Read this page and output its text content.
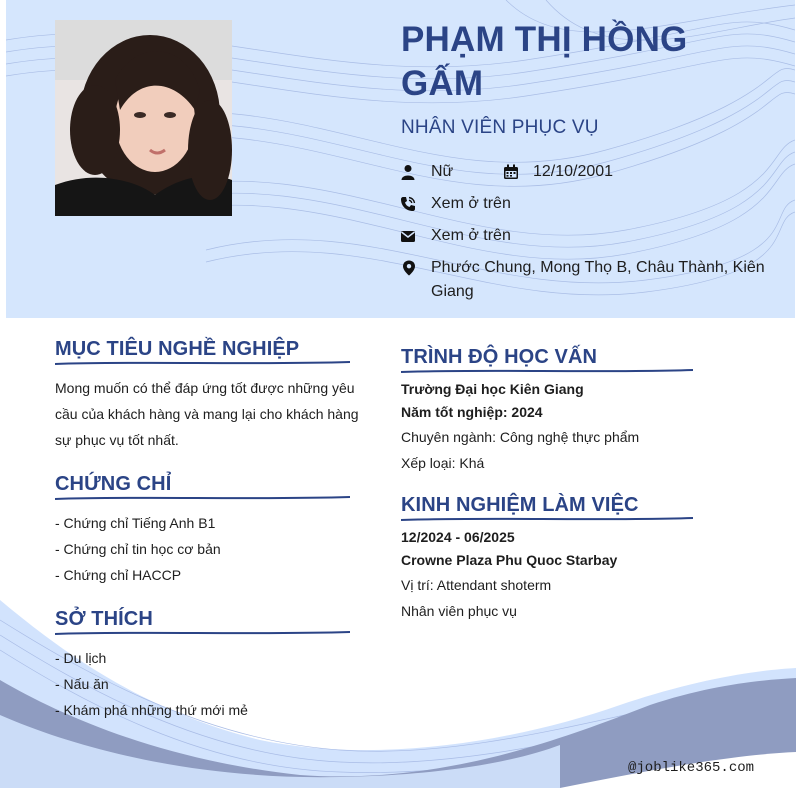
PHẠM THỊ HỒNG GẤM
NHÂN VIÊN PHỤC VỤ
Nữ	12/10/2001
Xem ở trên
Xem ở trên
Phước Chung, Mong Thọ B, Châu Thành, Kiên
Giang
MỤC TIÊU NGHỀ NGHIỆP
Mong muốn có thể đáp ứng tốt được những yêu
cầu của khách hàng và mang lại cho khách hàng
sự phục vụ tốt nhất.
CHỨNG CHỈ
- Chứng chỉ Tiếng Anh B1
- Chứng chỉ tin học cơ bản
- Chứng chỉ HACCP
SỞ THÍCH
- Du lịch
- Nấu ăn
- Khám phá những thứ mới mẻ
TRÌNH ĐỘ HỌC VẤN
Trường Đại học Kiên Giang
Năm tốt nghiệp: 2024
Chuyên ngành: Công nghệ thực phẩm
Xếp loại: Khá
KINH NGHIỆM LÀM VIỆC
12/2024 - 06/2025
Crowne Plaza Phu Quoc Starbay
Vị trí: Attendant shoterm
Nhân viên phục vụ
@joblike365.com
